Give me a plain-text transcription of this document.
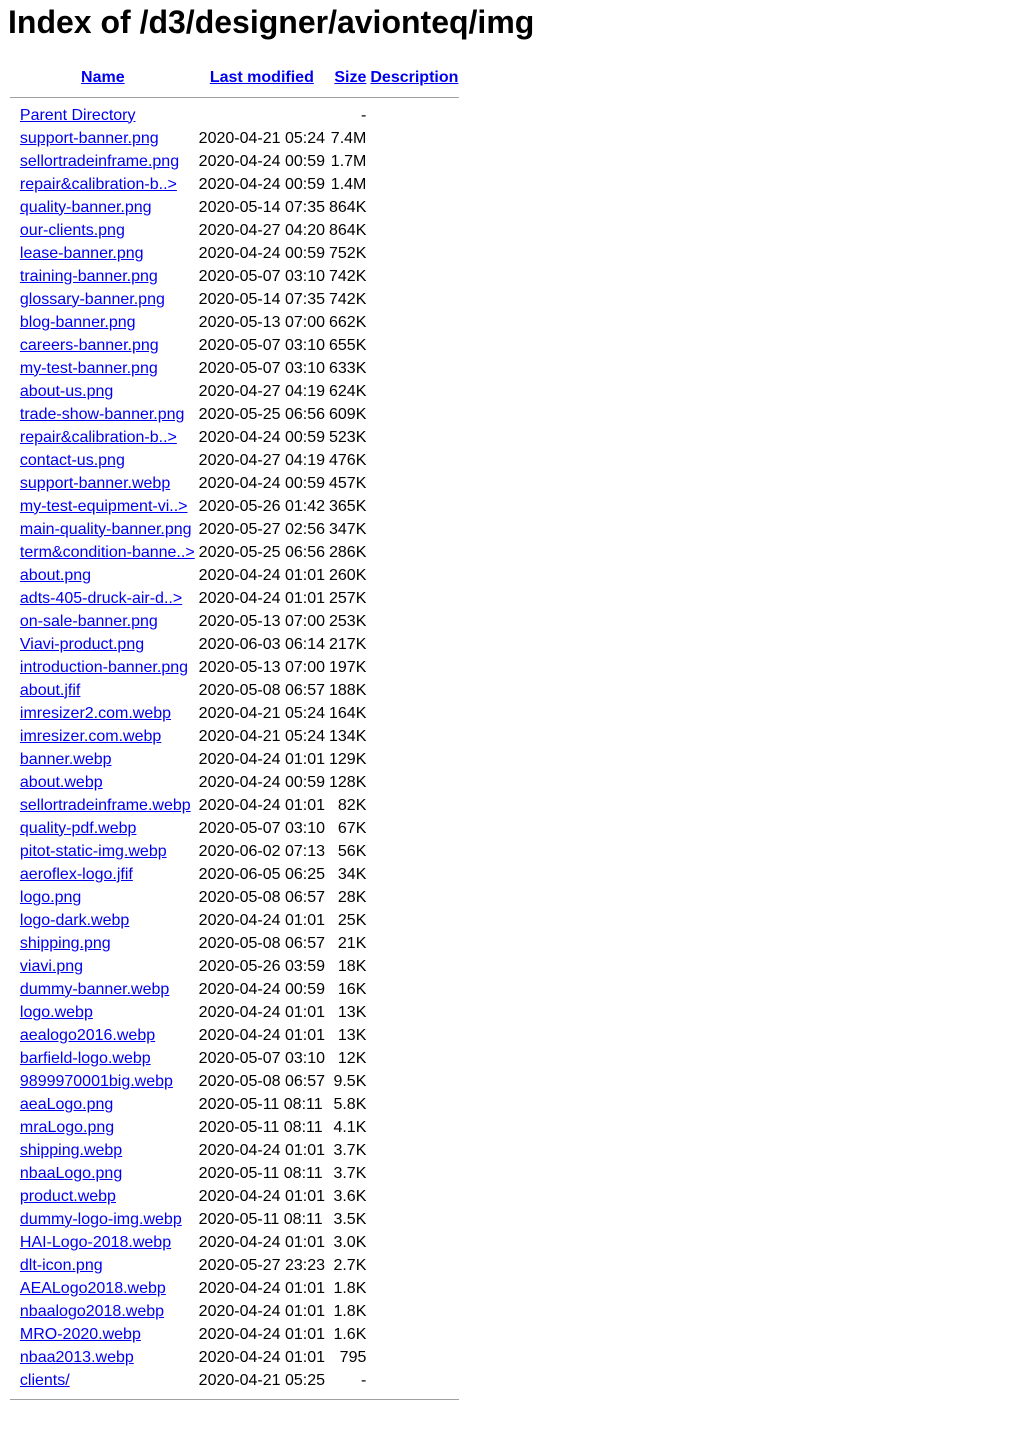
Index of /d3/designer/avionteq/img
Name	Last modified	Size	Description

Parent Directory		-	
support-banner.png	2020-04-21 05:24	7.4M	
sellortradeinframe.png	2020-04-24 00:59	1.7M	
repair&calibration-b..>	2020-04-24 00:59	1.4M	
quality-banner.png	2020-05-14 07:35	864K	
our-clients.png	2020-04-27 04:20	864K	
lease-banner.png	2020-04-24 00:59	752K	
training-banner.png	2020-05-07 03:10	742K	
glossary-banner.png	2020-05-14 07:35	742K	
blog-banner.png	2020-05-13 07:00	662K	
careers-banner.png	2020-05-07 03:10	655K	
my-test-banner.png	2020-05-07 03:10	633K	
about-us.png	2020-04-27 04:19	624K	
trade-show-banner.png	2020-05-25 06:56	609K	
repair&calibration-b..>	2020-04-24 00:59	523K	
contact-us.png	2020-04-27 04:19	476K	
support-banner.webp	2020-04-24 00:59	457K	
my-test-equipment-vi..>	2020-05-26 01:42	365K	
main-quality-banner.png	2020-05-27 02:56	347K	
term&condition-banne..>	2020-05-25 06:56	286K	
about.png	2020-04-24 01:01	260K	
adts-405-druck-air-d..>	2020-04-24 01:01	257K	
on-sale-banner.png	2020-05-13 07:00	253K	
Viavi-product.png	2020-06-03 06:14	217K	
introduction-banner.png	2020-05-13 07:00	197K	
about.jfif	2020-05-08 06:57	188K	
imresizer2.com.webp	2020-04-21 05:24	164K	
imresizer.com.webp	2020-04-21 05:24	134K	
banner.webp	2020-04-24 01:01	129K	
about.webp	2020-04-24 00:59	128K	
sellortradeinframe.webp	2020-04-24 01:01	82K	
quality-pdf.webp	2020-05-07 03:10	67K	
pitot-static-img.webp	2020-06-02 07:13	56K	
aeroflex-logo.jfif	2020-06-05 06:25	34K	
logo.png	2020-05-08 06:57	28K	
logo-dark.webp	2020-04-24 01:01	25K	
shipping.png	2020-05-08 06:57	21K	
viavi.png	2020-05-26 03:59	18K	
dummy-banner.webp	2020-04-24 00:59	16K	
logo.webp	2020-04-24 01:01	13K	
aealogo2016.webp	2020-04-24 01:01	13K	
barfield-logo.webp	2020-05-07 03:10	12K	
9899970001big.webp	2020-05-08 06:57	9.5K	
aeaLogo.png	2020-05-11 08:11	5.8K	
mraLogo.png	2020-05-11 08:11	4.1K	
shipping.webp	2020-04-24 01:01	3.7K	
nbaaLogo.png	2020-05-11 08:11	3.7K	
product.webp	2020-04-24 01:01	3.6K	
dummy-logo-img.webp	2020-05-11 08:11	3.5K	
HAI-Logo-2018.webp	2020-04-24 01:01	3.0K	
dlt-icon.png	2020-05-27 23:23	2.7K	
AEALogo2018.webp	2020-04-24 01:01	1.8K	
nbaalogo2018.webp	2020-04-24 01:01	1.8K	
MRO-2020.webp	2020-04-24 01:01	1.6K	
nbaa2013.webp	2020-04-24 01:01	795	
clients/	2020-04-21 05:25	-	
